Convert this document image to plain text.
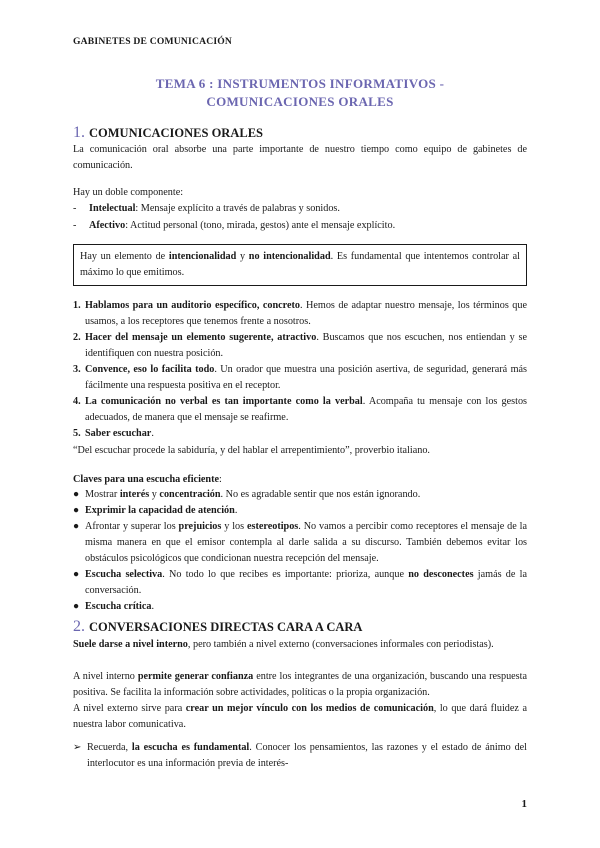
GABINETES DE COMUNICACIÓN
TEMA 6 : INSTRUMENTOS INFORMATIVOS -
COMUNICACIONES ORALES
1. COMUNICACIONES ORALES
La comunicación oral absorbe una parte importante de nuestro tiempo como equipo de gabinetes de comunicación.
Hay un doble componente:
- Intelectual: Mensaje explícito a través de palabras y sonidos.
- Afectivo: Actitud personal (tono, mirada, gestos) ante el mensaje explícito.
Hay un elemento de intencionalidad y no intencionalidad. Es fundamental que intentemos controlar al máximo lo que emitimos.
1. Hablamos para un auditorio específico, concreto. Hemos de adaptar nuestro mensaje, los términos que usamos, a los receptores que tenemos frente a nosotros.
2. Hacer del mensaje un elemento sugerente, atractivo. Buscamos que nos escuchen, nos entiendan y se identifiquen con nuestra posición.
3. Convence, eso lo facilita todo. Un orador que muestra una posición asertiva, de seguridad, generará más fácilmente una respuesta positiva en el receptor.
4. La comunicación no verbal es tan importante como la verbal. Acompaña tu mensaje con los gestos adecuados, de manera que el mensaje se reafirme.
5. Saber escuchar.
“Del escuchar procede la sabiduría, y del hablar el arrepentimiento”, proverbio italiano.
Claves para una escucha eficiente:
● Mostrar interés y concentración. No es agradable sentir que nos están ignorando.
● Exprimir la capacidad de atención.
● Afrontar y superar los prejuicios y los estereotipos. No vamos a percibir como receptores el mensaje de la misma manera en que el emisor contempla al darle salida a su discurso. También debemos evitar los obstáculos psicológicos que condicionan nuestra recepción del mensaje.
● Escucha selectiva. No todo lo que recibes es importante: prioriza, aunque no desconectes jamás de la conversación.
● Escucha crítica.
2. CONVERSACIONES DIRECTAS CARA A CARA
Suele darse a nivel interno, pero también a nivel externo (conversaciones informales con periodistas).
A nivel interno permite generar confianza entre los integrantes de una organización, buscando una respuesta positiva. Se facilita la información sobre actividades, políticas o la propia organización.
A nivel externo sirve para crear un mejor vínculo con los medios de comunicación, lo que dará fluidez a nuestra labor comunicativa.
➢ Recuerda, la escucha es fundamental. Conocer los pensamientos, las razones y el estado de ánimo del interlocutor es una información previa de interés-
1
